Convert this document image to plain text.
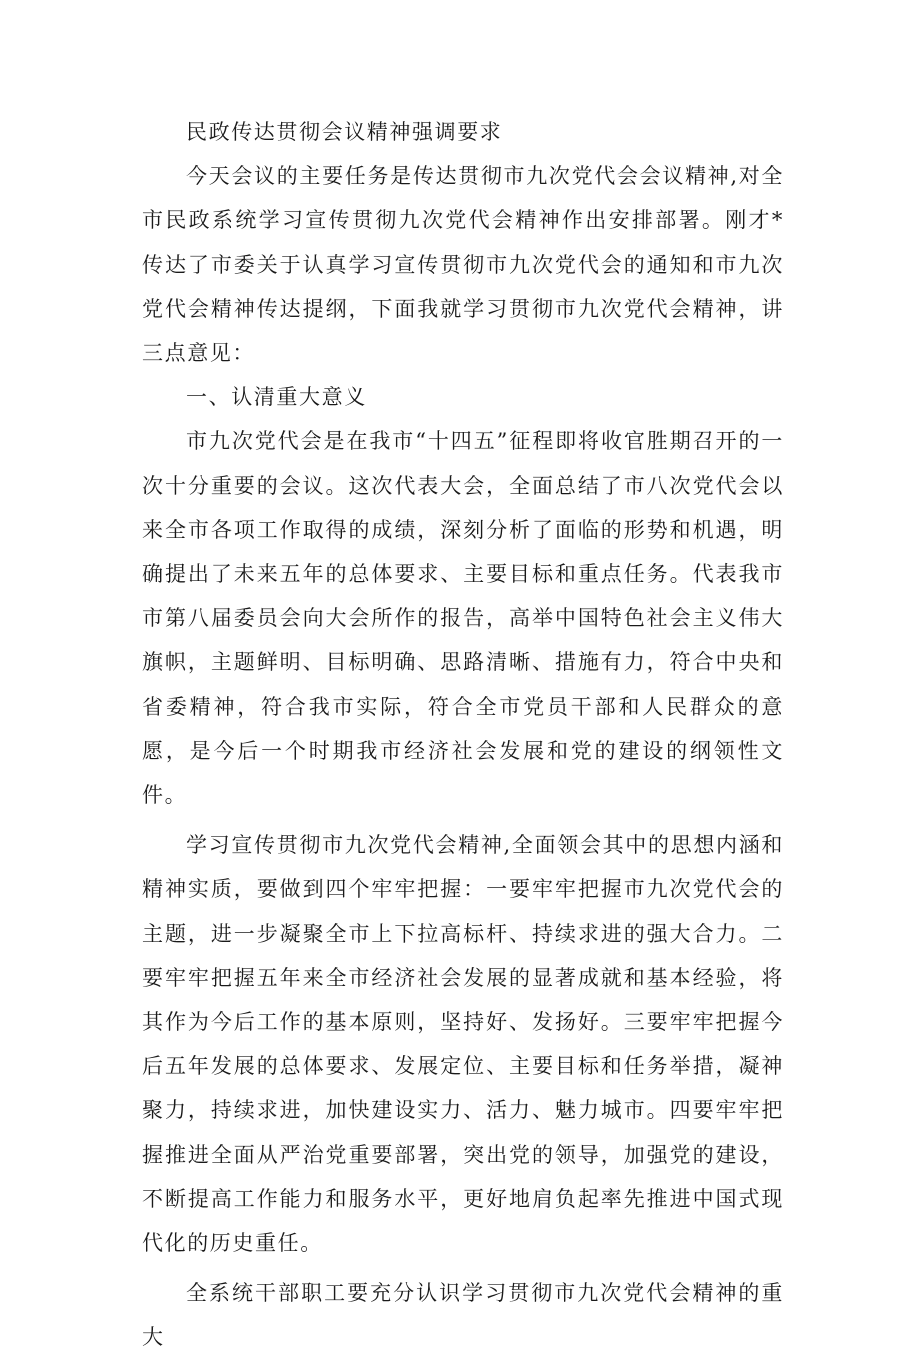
民政传达贯彻会议精神强调要求

今天会议的主要任务是传达贯彻市九次党代会会议精神,对全市民政系统学习宣传贯彻九次党代会精神作出安排部署。刚才*传达了市委关于认真学习宣传贯彻市九次党代会的通知和市九次党代会精神传达提纲，下面我就学习贯彻市九次党代会精神，讲三点意见：

一、认清重大意义

市九次党代会是在我市“十四五”征程即将收官胜期召开的一次十分重要的会议。这次代表大会，全面总结了市八次党代会以来全市各项工作取得的成绩，深刻分析了面临的形势和机遇，明确提出了未来五年的总体要求、主要目标和重点任务。代表我市市第八届委员会向大会所作的报告，高举中国特色社会主义伟大旗帜，主题鲜明、目标明确、思路清晰、措施有力，符合中央和省委精神，符合我市实际，符合全市党员干部和人民群众的意愿，是今后一个时期我市经济社会发展和党的建设的纲领性文件。

学习宣传贯彻市九次党代会精神,全面领会其中的思想内涵和精神实质，要做到四个牢牢把握：一要牢牢把握市九次党代会的主题，进一步凝聚全市上下拉高标杆、持续求进的强大合力。二要牢牢把握五年来全市经济社会发展的显著成就和基本经验，将其作为今后工作的基本原则，坚持好、发扬好。三要牢牢把握今后五年发展的总体要求、发展定位、主要目标和任务举措，凝神聚力，持续求进，加快建设实力、活力、魅力城市。四要牢牢把握推进全面从严治党重要部署，突出党的领导，加强党的建设，不断提高工作能力和服务水平，更好地肩负起率先推进中国式现代化的历史重任。

全系统干部职工要充分认识学习贯彻市九次党代会精神的重大
